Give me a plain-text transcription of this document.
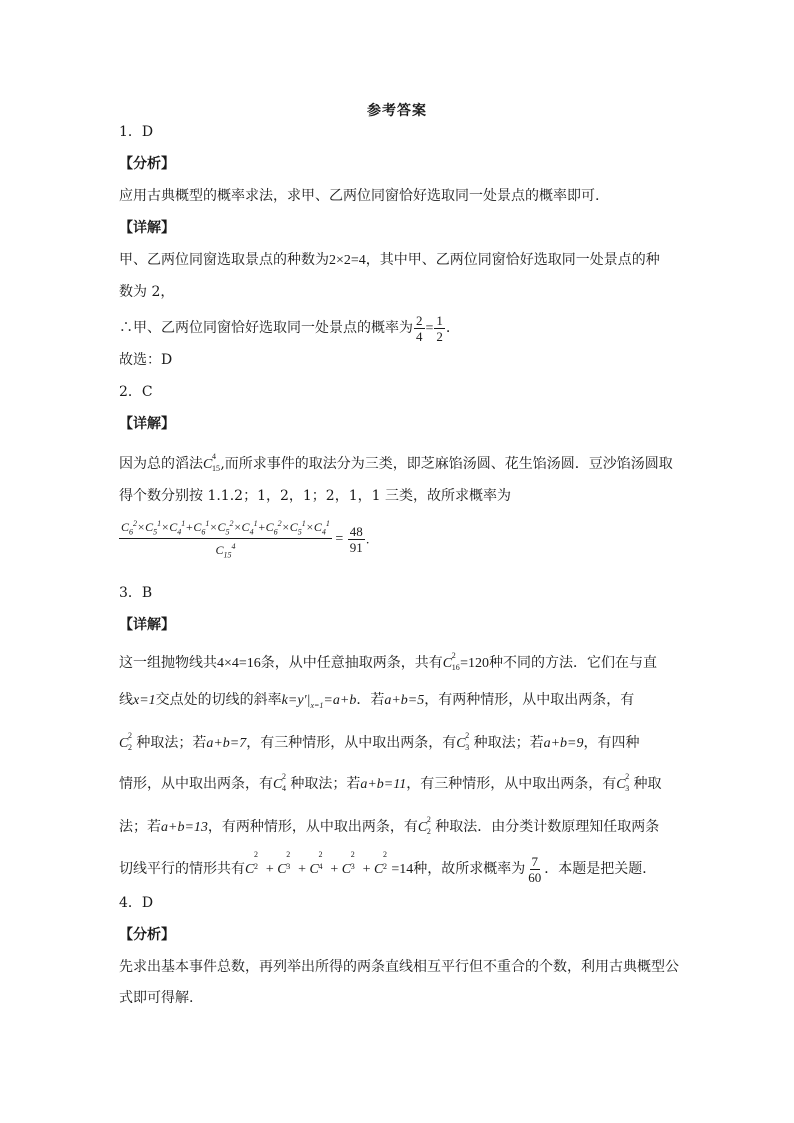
参考答案
1．D
【分析】
应用古典概型的概率求法，求甲、乙两位同窗恰好选取同一处景点的概率即可.
【详解】
甲、乙两位同窗选取景点的种数为2×2=4，其中甲、乙两位同窗恰好选取同一处景点的种
数为 2，
∴甲、乙两位同窗恰好选取同一处景点的概率为 $\frac{2}{4} = \frac{1}{2}$ .
故选：D
2．C
【详解】
因为总的滔法C
4
15 ,而所求事件的取法分为三类，即芝麻馅汤圆、花生馅汤圆．豆沙馅汤圆取
得个数分别按 1.1.2；1，2，1；2，1，1 三类，故所求概率为
$\frac{C_6^2\times C_5^1\times C_4^1+C_6^1\times C_5^2\times C_4^1+C_6^2\times C_5^1\times C_4^1}{C_{15}^4} = \frac{48}{91}$ .
3．B
【详解】
这一组抛物线共4×4=16条，从中任意抽取两条，共有C
2
16 =120种不同的方法．它们在与直
线x=1交点处的切线的斜率$k=y'|_{x=1}=a+b$．若a+b=5，有两种情形，从中取出两条，有
C
2
2 种取法；若a+b=7，有三种情形，从中取出两条，有C
2
3 种取法；若a+b=9，有四种
情形，从中取出两条，有C
2
4 种取法；若a+b=11，有三种情形，从中取出两条，有C
2
3 种取
法；若a+b=13，有两种情形，从中取出两条，有C
2
2 种取法．由分类计数原理知任取两条
切线平行的情形共有C
2
2 + C
2
3 + C
2
4 + C
2
3 + C
2
2 =14种，故所求概率为 $\frac{7}{60}$ ．本题是把关题．
4．D
【分析】
先求出基本事件总数，再列举出所得的两条直线相互平行但不重合的个数，利用古典概型公
式即可得解.
